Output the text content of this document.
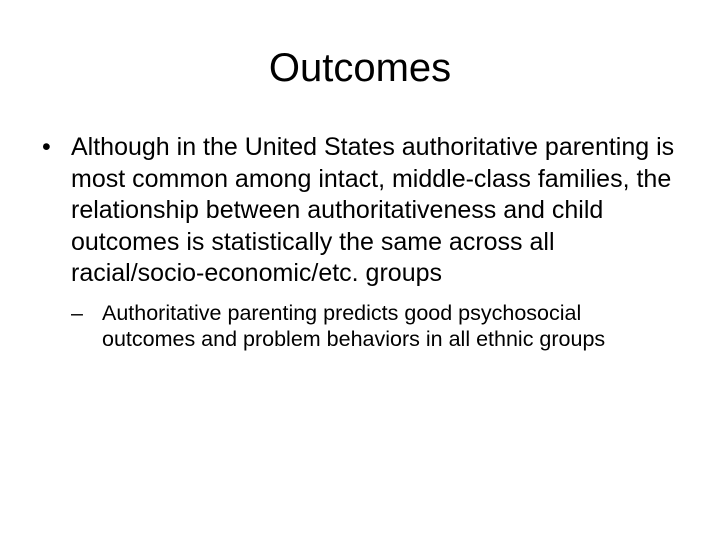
Outcomes
• Although in the United States authoritative parenting is most common among intact, middle-class families, the relationship between authoritativeness and child outcomes is statistically the same across all racial/socio-economic/etc. groups
– Authoritative parenting predicts good psychosocial outcomes and problem behaviors in all ethnic groups
